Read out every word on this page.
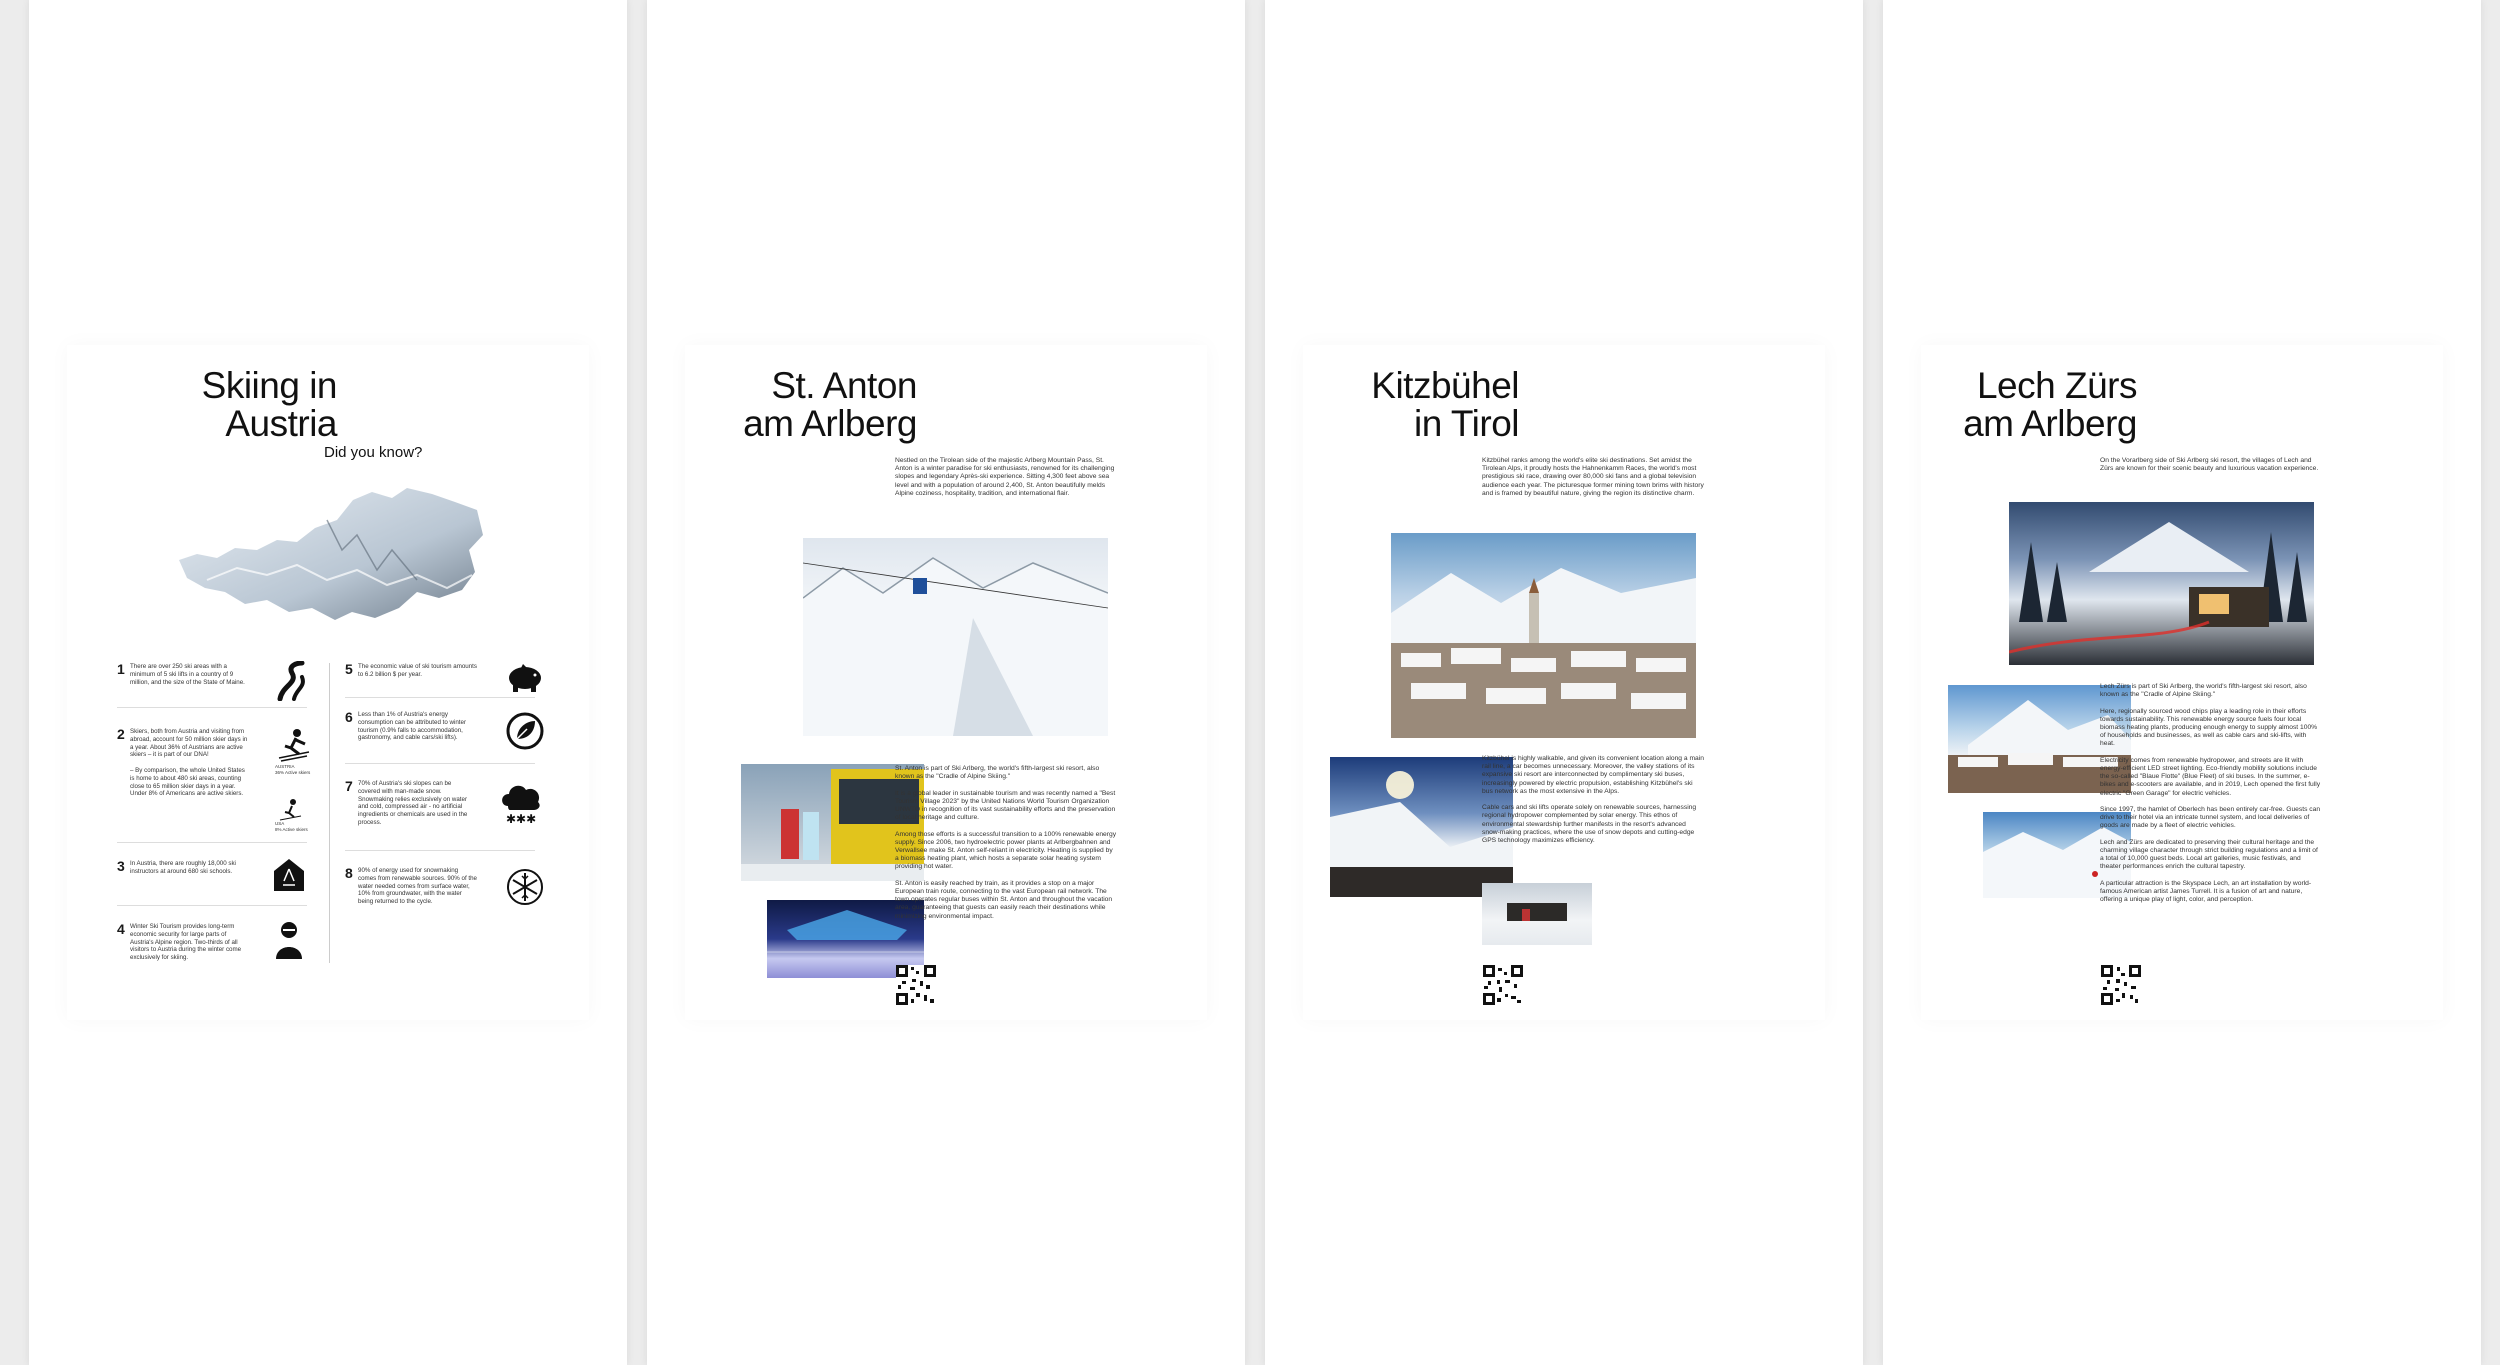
Skiing in
Austria
Did you know?
1 There are over 250 ski areas with a minimum of 5 ski lifts in a country of 9 million, and the size of the State of Maine.
2 Skiers, both from Austria and visiting from abroad, account for 50 million skier days in a year. About 36% of Austrians are active skiers – it is part of our DNA!

– By comparison, the whole United States is home to about 480 ski areas, counting close to 65 million skier days in a year. Under 8% of Americans are active skiers.
AUSTRIA
36% Active skiers
USA
8% Active skiers
3 In Austria, there are roughly 18,000 ski instructors at around 680 ski schools.
4 Winter Ski Tourism provides long-term economic security for large parts of Austria's Alpine region. Two-thirds of all visitors to Austria during the winter come exclusively for skiing.
5 The economic value of ski tourism amounts to 6.2 billion $ per year.
6 Less than 1% of Austria's energy consumption can be attributed to winter tourism (0.9% falls to accommodation, gastronomy, and cable cars/ski lifts).
7 70% of Austria's ski slopes can be covered with man-made snow. Snowmaking relies exclusively on water and cold, compressed air - no artificial ingredients or chemicals are used in the process.	✱✱✱
8 90% of energy used for snowmaking comes from renewable sources. 90% of the water needed comes from surface water, 10% from groundwater, with the water being returned to the cycle.
St. Anton
am Arlberg
Nestled on the Tirolean side of the majestic Arlberg Mountain Pass, St. Anton is a winter paradise for ski enthusiasts, renowned for its challenging slopes and legendary Après-ski experience. Sitting 4,300 feet above sea level and with a population of around 2,400, St. Anton beautifully melds Alpine coziness, hospitality, tradition, and international flair.
St. Anton is part of Ski Arlberg, the world's fifth-largest ski resort, also known as the "Cradle of Alpine Skiing."

It is a global leader in sustainable tourism and was recently named a "Best Tourism Village 2023" by the United Nations World Tourism Organization UNWTO in recognition of its vast sustainability efforts and the preservation of local heritage and culture.

Among those efforts is a successful transition to a 100% renewable energy supply. Since 2006, two hydroelectric power plants at Arlbergbahnen and Verwallsee make St. Anton self-reliant in electricity. Heating is supplied by a biomass heating plant, which hosts a separate solar heating system providing hot water.

St. Anton is easily reached by train, as it provides a stop on a major European train route, connecting to the vast European rail network. The town operates regular buses within St. Anton and throughout the vacation area, guaranteeing that guests can easily reach their destinations while minimizing environmental impact.
Kitzbühel
in Tirol
Kitzbühel ranks among the world's elite ski destinations. Set amidst the Tirolean Alps, it proudly hosts the Hahnenkamm Races, the world's most prestigious ski race, drawing over 80,000 ski fans and a global television audience each year. The picturesque former mining town brims with history and is framed by beautiful nature, giving the region its distinctive charm.
Kitzbühel is highly walkable, and given its convenient location along a main rail line, a car becomes unnecessary. Moreover, the valley stations of its expansive ski resort are interconnected by complimentary ski buses, increasingly powered by electric propulsion, establishing Kitzbühel's ski bus network as the most extensive in the Alps.

Cable cars and ski lifts operate solely on renewable sources, harnessing regional hydropower complemented by solar energy. This ethos of environmental stewardship further manifests in the resort's advanced snow-making practices, where the use of snow depots and cutting-edge GPS technology maximizes efficiency.
Lech Zürs
am Arlberg
On the Vorarlberg side of Ski Arlberg ski resort, the villages of Lech and Zürs are known for their scenic beauty and luxurious vacation experience.
Lech Zürs is part of Ski Arlberg, the world's fifth-largest ski resort, also known as the "Cradle of Alpine Skiing."

Here, regionally sourced wood chips play a leading role in their efforts towards sustainability. This renewable energy source fuels four local biomass heating plants, producing enough energy to supply almost 100% of households and businesses, as well as cable cars and ski-lifts, with heat.

Electricity comes from renewable hydropower, and streets are lit with energy-efficient LED street lighting. Eco-friendly mobility solutions include the so-called "Blaue Flotte" (Blue Fleet) of ski buses. In the summer, e-bikes and e-scooters are available, and in 2019, Lech opened the first fully electric "Green Garage" for electric vehicles.

Since 1997, the hamlet of Oberlech has been entirely car-free. Guests can drive to their hotel via an intricate tunnel system, and local deliveries of goods are made by a fleet of electric vehicles.

Lech and Zürs are dedicated to preserving their cultural heritage and the charming village character through strict building regulations and a limit of a total of 10,000 guest beds. Local art galleries, music festivals, and theater performances enrich the cultural tapestry.

A particular attraction is the Skyspace Lech, an art installation by world-famous American artist James Turrell. It is a fusion of art and nature, offering a unique play of light, color, and perception.
